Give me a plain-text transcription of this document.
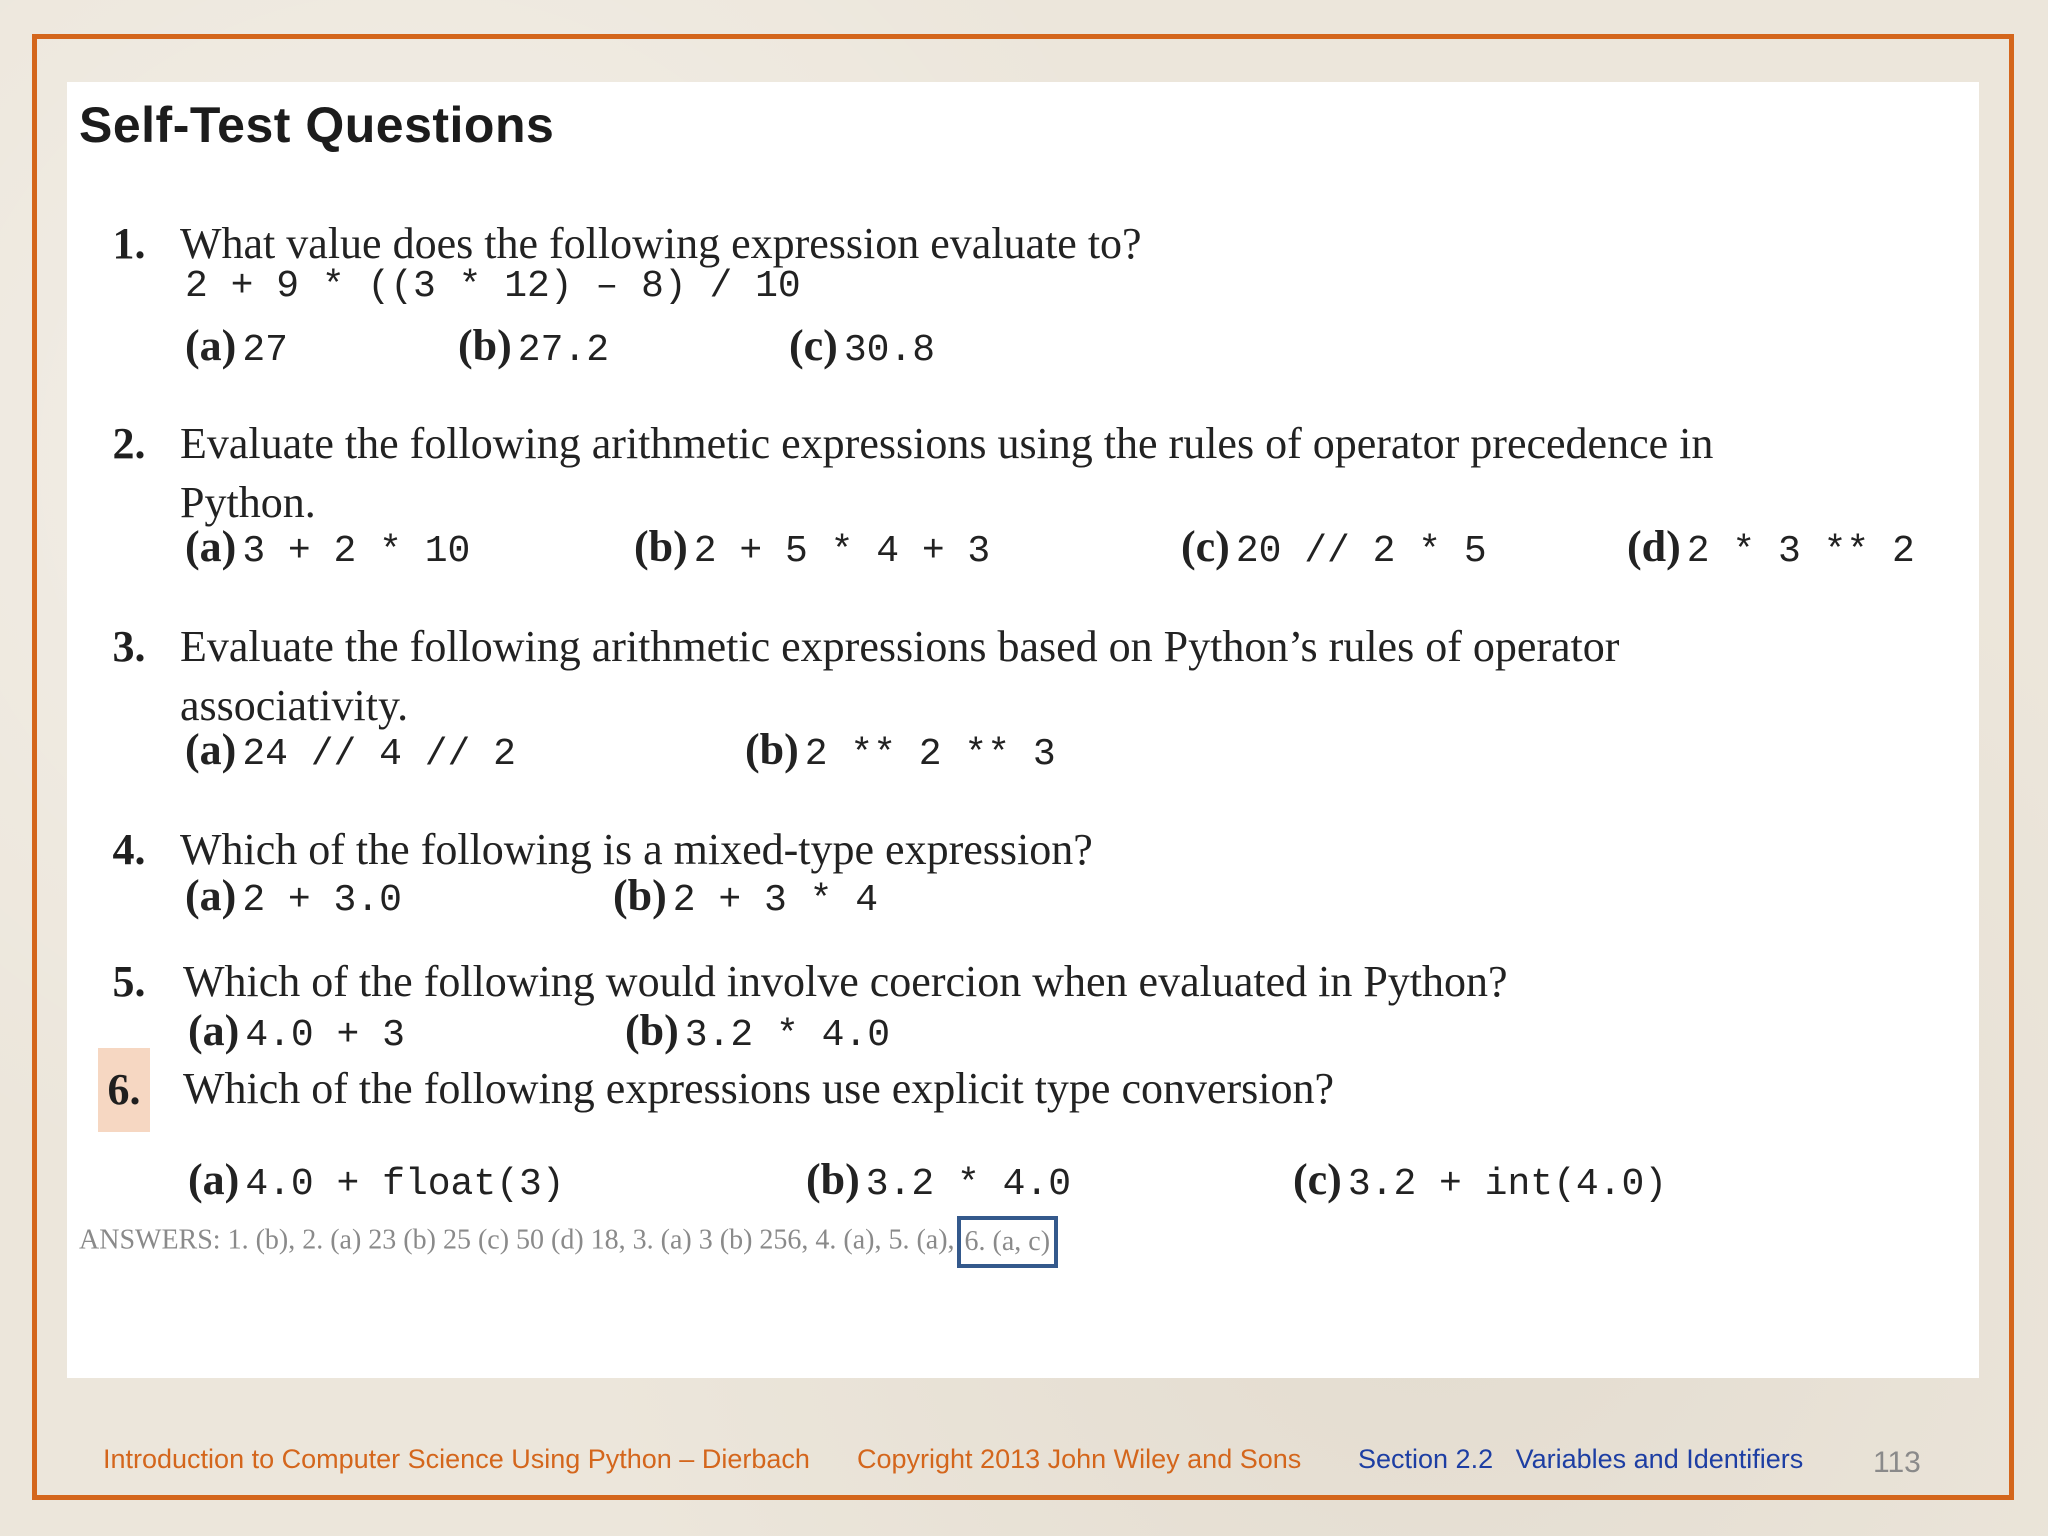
Self-Test Questions
1. What value does the following expression evaluate to?
2 + 9 * ((3 * 12) – 8) / 10
(a) 27	(b) 27.2	(c) 30.8
2. Evaluate the following arithmetic expressions using the rules of operator precedence in
Python.
(a) 3 + 2 * 10	(b) 2 + 5 * 4 + 3	(c) 20 // 2 * 5	(d) 2 * 3 ** 2
3. Evaluate the following arithmetic expressions based on Python’s rules of operator
associativity.
(a) 24 // 4 // 2	(b) 2 ** 2 ** 3
4. Which of the following is a mixed-type expression?
(a) 2 + 3.0	(b) 2 + 3 * 4
5. Which of the following would involve coercion when evaluated in Python?
(a) 4.0 + 3	(b) 3.2 * 4.0
6. Which of the following expressions use explicit type conversion?
(a) 4.0 + float(3)	(b) 3.2 * 4.0	(c) 3.2 + int(4.0)
ANSWERS: 1. (b), 2. (a) 23 (b) 25 (c) 50 (d) 18, 3. (a) 3 (b) 256, 4. (a), 5. (a), 6. (a, c)
Introduction to Computer Science Using Python – Dierbach Copyright 2013 John Wiley and Sons Section 2.2   Variables and Identifiers 113
